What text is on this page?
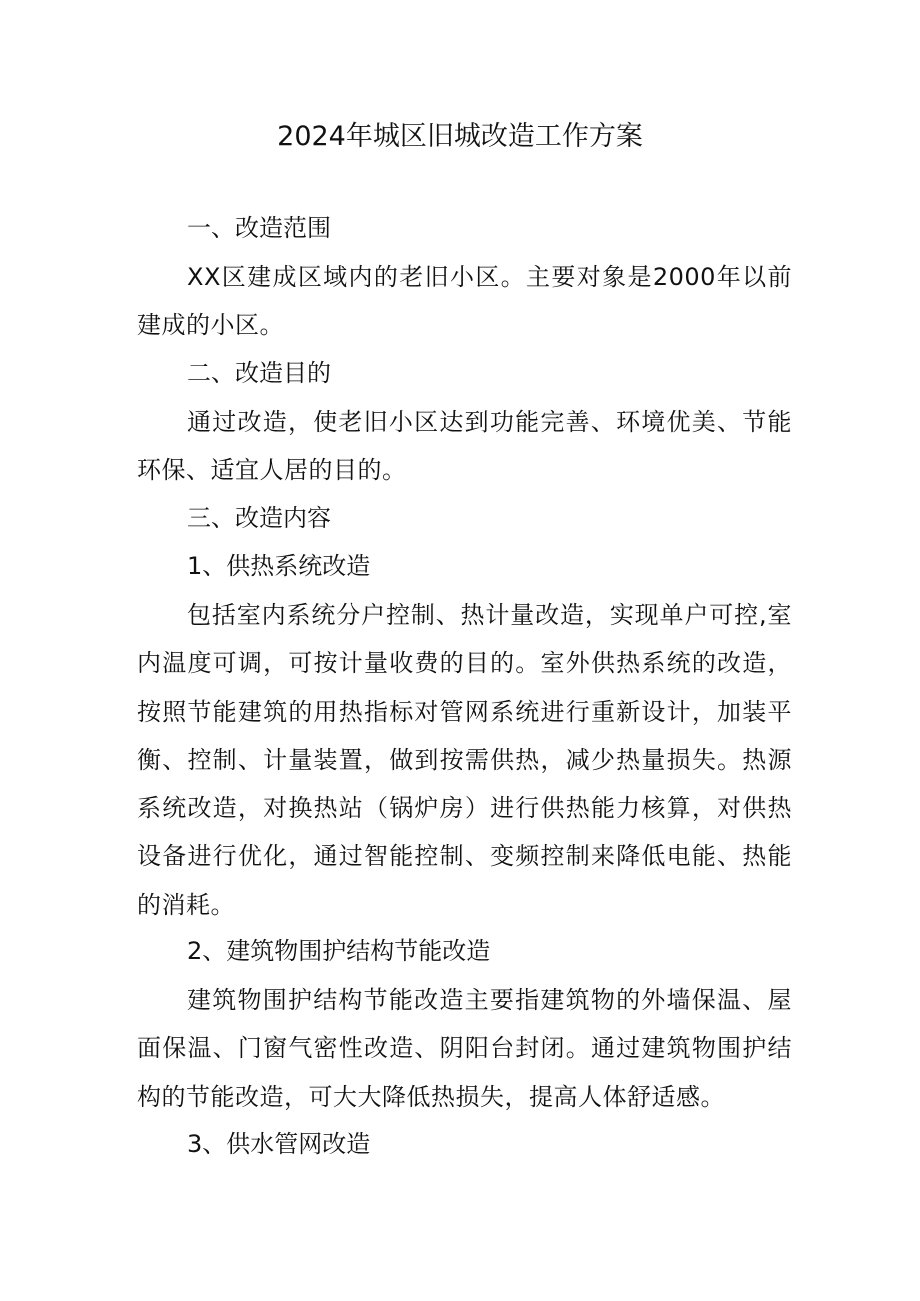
2024年城区旧城改造工作方案
一、改造范围
XX区建成区域内的老旧小区。主要对象是2000年以前建成的小区。
二、改造目的
通过改造，使老旧小区达到功能完善、环境优美、节能环保、适宜人居的目的。
三、改造内容
1、供热系统改造
包括室内系统分户控制、热计量改造，实现单户可控,室内温度可调，可按计量收费的目的。室外供热系统的改造，按照节能建筑的用热指标对管网系统进行重新设计，加装平衡、控制、计量装置，做到按需供热，减少热量损失。热源系统改造，对换热站（锅炉房）进行供热能力核算，对供热设备进行优化，通过智能控制、变频控制来降低电能、热能的消耗。
2、建筑物围护结构节能改造
建筑物围护结构节能改造主要指建筑物的外墙保温、屋面保温、门窗气密性改造、阴阳台封闭。通过建筑物围护结构的节能改造，可大大降低热损失，提高人体舒适感。
3、供水管网改造
